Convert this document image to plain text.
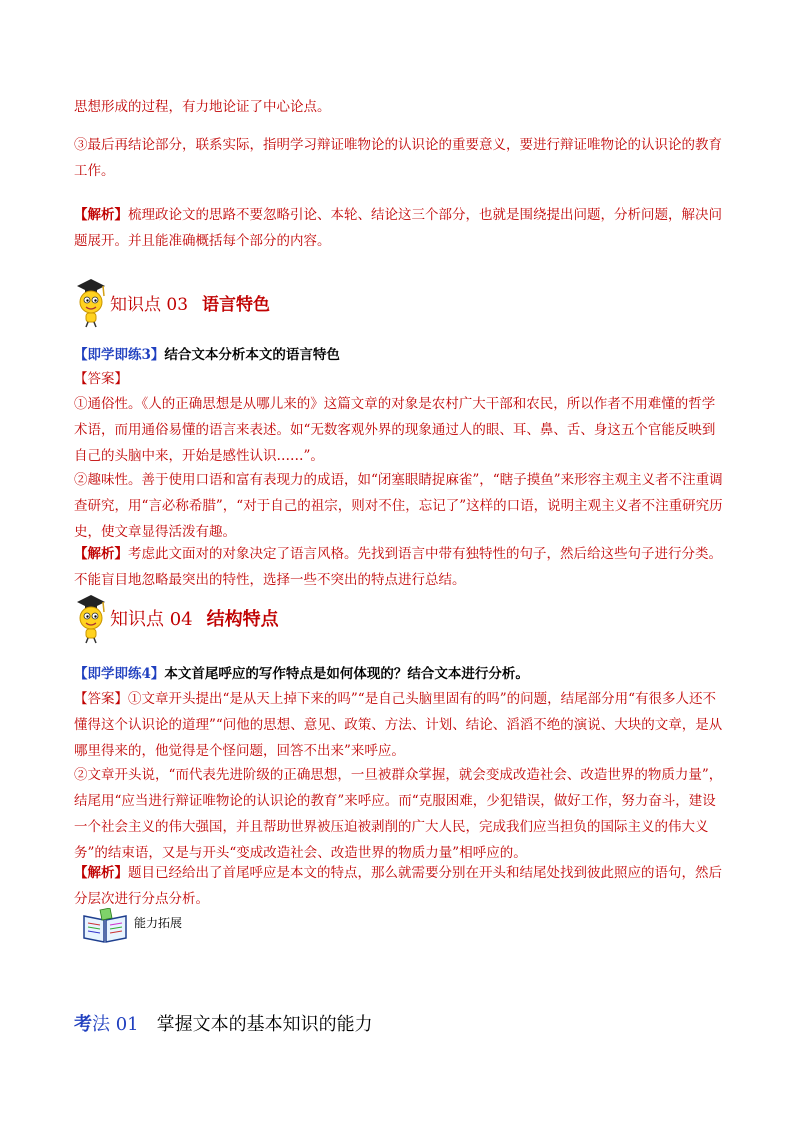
思想形成的过程，有力地论证了中心论点。

③最后再结论部分，联系实际，指明学习辩证唯物论的认识论的重要意义，要进行辩证唯物论的认识论的教育工作。

【解析】梳理政论文的思路不要忽略引论、本轮、结论这三个部分，也就是围绕提出问题，分析问题，解决问题展开。并且能准确概括每个部分的内容。

知识点 03 语言特色

【即学即练3】结合文本分析本文的语言特色

【答案】

①通俗性。《人的正确思想是从哪儿来的》这篇文章的对象是农村广大干部和农民，所以作者不用难懂的哲学术语，而用通俗易懂的语言来表述。如“无数客观外界的现象通过人的眼、耳、鼻、舌、身这五个官能反映到自己的头脑中来，开始是感性认识……”。

②趣味性。善于使用口语和富有表现力的成语，如“闭塞眼睛捉麻雀”，“瞎子摸鱼”来形容主观主义者不注重调查研究，用“言必称希腊”，“对于自己的祖宗，则对不住，忘记了”这样的口语，说明主观主义者不注重研究历史，使文章显得活泼有趣。

【解析】考虑此文面对的对象决定了语言风格。先找到语言中带有独特性的句子，然后给这些句子进行分类。不能盲目地忽略最突出的特性，选择一些不突出的特点进行总结。

知识点 04 结构特点

【即学即练4】本文首尾呼应的写作特点是如何体现的？结合文本进行分析。

【答案】①文章开头提出“是从天上掉下来的吗”“是自己头脑里固有的吗”的问题，结尾部分用“有很多人还不懂得这个认识论的道理”“问他的思想、意见、政策、方法、计划、结论、滔滔不绝的演说、大块的文章，是从哪里得来的，他觉得是个怪问题，回答不出来”来呼应。

②文章开头说，“而代表先进阶级的正确思想，一旦被群众掌握，就会变成改造社会、改造世界的物质力量”，结尾用“应当进行辩证唯物论的认识论的教育”来呼应。而“克服困难，少犯错误，做好工作，努力奋斗，建设一个社会主义的伟大强国，并且帮助世界被压迫被剥削的广大人民，完成我们应当担负的国际主义的伟大义务”的结束语，又是与开头“变成改造社会、改造世界的物质力量”相呼应的。

【解析】题目已经给出了首尾呼应是本文的特点，那么就需要分别在开头和结尾处找到彼此照应的语句，然后分层次进行分点分析。

能力拓展
考法 01 掌握文本的基本知识的能力
